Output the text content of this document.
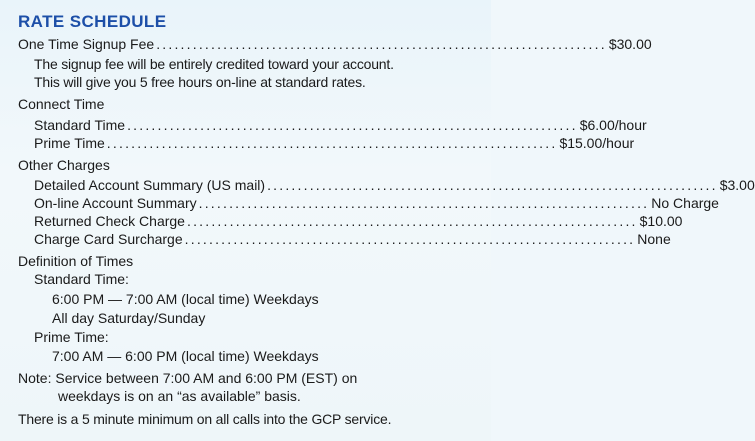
RATE SCHEDULE
One Time Signup Fee .......................................................................... $30.00
The signup fee will be entirely credited toward your account.
This will give you 5 free hours on-line at standard rates.
Connect Time
Standard Time .......................................................................... $6.00/hour
Prime Time .......................................................................... $15.00/hour
Other Charges
Detailed Account Summary (US mail) .......................................................................... $3.00
On-line Account Summary .......................................................................... No Charge
Returned Check Charge .......................................................................... $10.00
Charge Card Surcharge .......................................................................... None
Definition of Times
Standard Time:
6:00 PM — 7:00 AM (local time) Weekdays
All day Saturday/Sunday
Prime Time:
7:00 AM — 6:00 PM (local time) Weekdays
Note: Service between 7:00 AM and 6:00 PM (EST) on
weekdays is on an “as available” basis.
There is a 5 minute minimum on all calls into the GCP service.
